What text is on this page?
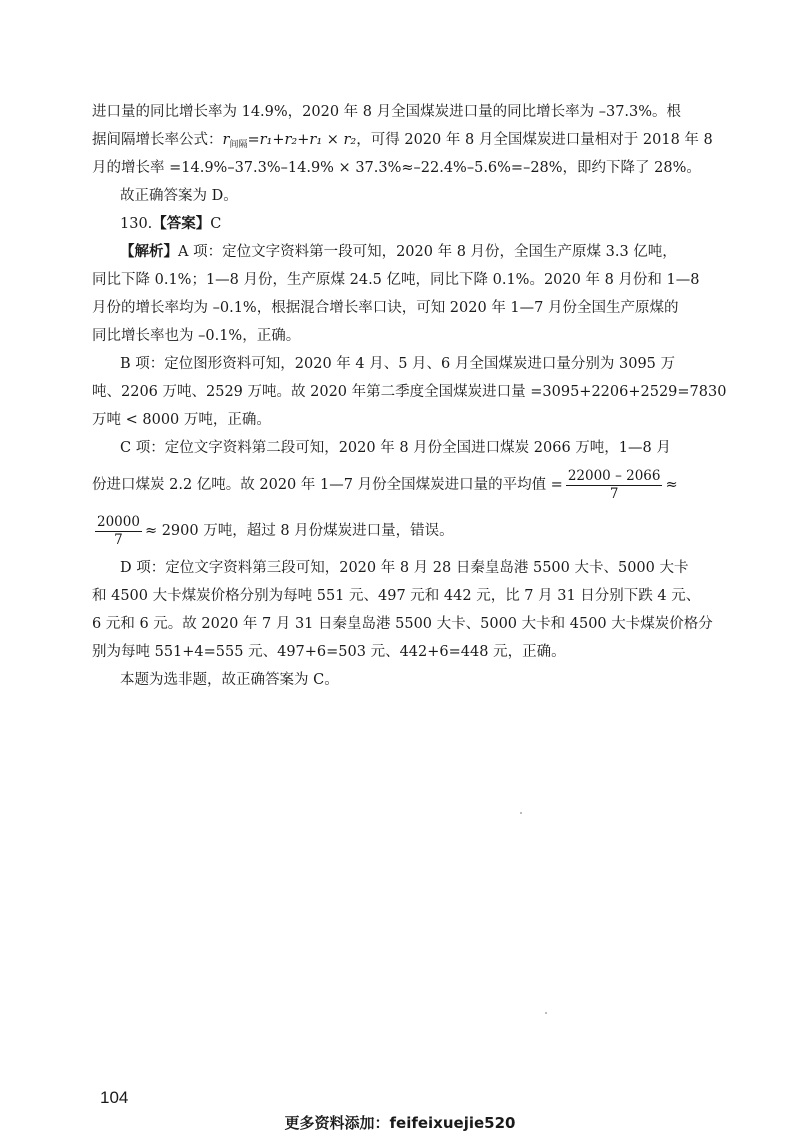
进口量的同比增长率为 14.9%，2020 年 8 月全国煤炭进口量的同比增长率为 –37.3%。根
据间隔增长率公式：$r_{间隔}=r_1+r_2+r_1 \times r_2$，可得 2020 年 8 月全国煤炭进口量相对于 2018 年 8
月的增长率 =14.9%–37.3%–14.9% × 37.3%≈–22.4%–5.6%=–28%，即约下降了 28%。
故正确答案为 D。
130.【答案】C
【解析】A 项：定位文字资料第一段可知，2020 年 8 月份，全国生产原煤 3.3 亿吨，
同比下降 0.1%；1—8 月份，生产原煤 24.5 亿吨，同比下降 0.1%。2020 年 8 月份和 1—8
月份的增长率均为 –0.1%，根据混合增长率口诀，可知 2020 年 1—7 月份全国生产原煤的
同比增长率也为 –0.1%，正确。
B 项：定位图形资料可知，2020 年 4 月、5 月、6 月全国煤炭进口量分别为 3095 万
吨、2206 万吨、2529 万吨。故 2020 年第二季度全国煤炭进口量 =3095+2206+2529=7830
万吨 < 8000 万吨，正确。
C 项：定位文字资料第二段可知，2020 年 8 月份全国进口煤炭 2066 万吨，1—8 月
份进口煤炭 2.2 亿吨。故 2020 年 1—7 月份全国煤炭进口量的平均值 = $\frac{22000 - 2066}{7}$ ≈
$\frac{20000}{7} \approx 2900$ 万吨，超过 8 月份煤炭进口量，错误。
D 项：定位文字资料第三段可知，2020 年 8 月 28 日秦皇岛港 5500 大卡、5000 大卡
和 4500 大卡煤炭价格分别为每吨 551 元、497 元和 442 元，比 7 月 31 日分别下跌 4 元、
6 元和 6 元。故 2020 年 7 月 31 日秦皇岛港 5500 大卡、5000 大卡和 4500 大卡煤炭价格分
别为每吨 551+4=555 元、497+6=503 元、442+6=448 元，正确。
本题为选非题，故正确答案为 C。
104
更多资料添加：feifeixuejie520
